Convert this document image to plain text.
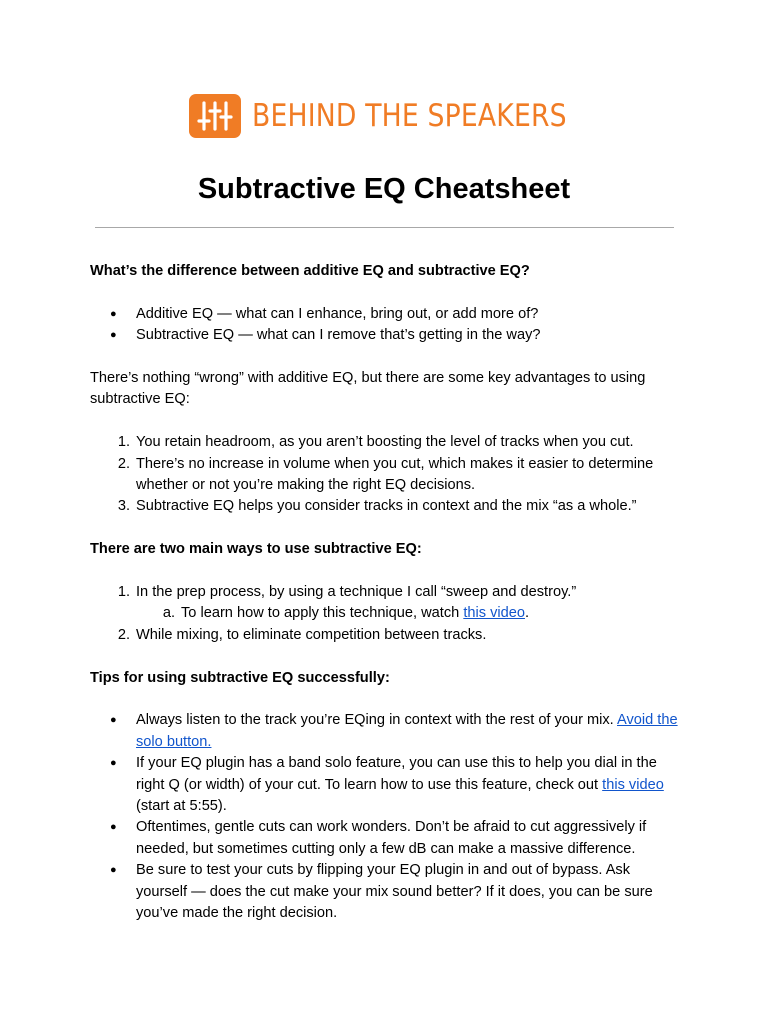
BEHIND THE SPEAKERS
Subtractive EQ Cheatsheet

What’s the difference between additive EQ and subtractive EQ?

●	Additive EQ — what can I enhance, bring out, or add more of?
●	Subtractive EQ — what can I remove that’s getting in the way?

There’s nothing “wrong” with additive EQ, but there are some key advantages to using subtractive EQ:

1. You retain headroom, as you aren’t boosting the level of tracks when you cut.
2. There’s no increase in volume when you cut, which makes it easier to determine whether or not you’re making the right EQ decisions.
3. Subtractive EQ helps you consider tracks in context and the mix “as a whole.”

There are two main ways to use subtractive EQ:

1. In the prep process, by using a technique I call “sweep and destroy.”
a. To learn how to apply this technique, watch this video.
2. While mixing, to eliminate competition between tracks.

Tips for using subtractive EQ successfully:

●	Always listen to the track you’re EQing in context with the rest of your mix. Avoid the solo button.
●	If your EQ plugin has a band solo feature, you can use this to help you dial in the right Q (or width) of your cut. To learn how to use this feature, check out this video (start at 5:55).
●	Oftentimes, gentle cuts can work wonders. Don’t be afraid to cut aggressively if needed, but sometimes cutting only a few dB can make a massive difference.
●	Be sure to test your cuts by flipping your EQ plugin in and out of bypass. Ask yourself — does the cut make your mix sound better? If it does, you can be sure you’ve made the right decision.
